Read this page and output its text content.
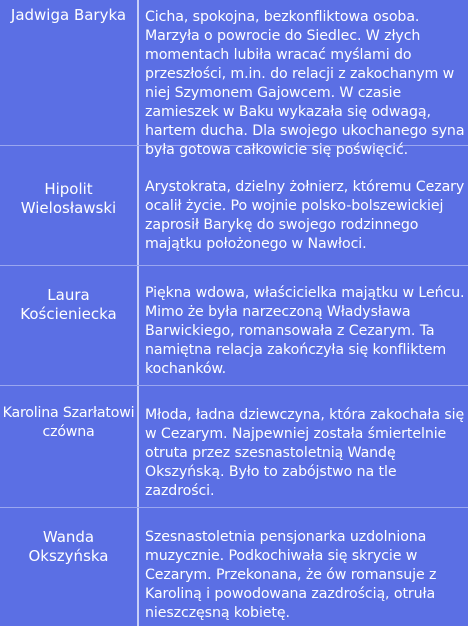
Jadwiga Baryka	Cicha, spokojna, bezkonfliktowa osoba. Marzyła o powrocie do Siedlec. W złych momentach lubiła wracać myślami do przeszłości, m.in. do relacji z zakochanym w niej Szymonem Gajowcem. W czasie zamieszek w Baku wykazała się odwagą, hartem ducha. Dla swojego ukochanego syna była gotowa całkowicie się poświęcić.
Hipolit Wielosławski
Arystokrata, dzielny żołnierz, któremu Cezary ocalił życie. Po wojnie polsko-bolszewickiej zaprosił Barykę do swojego rodzinnego majątku położonego w Nawłoci.
Laura Kościeniecka
Piękna wdowa, właścicielka majątku w Leńcu. Mimo że była narzeczoną Władysława Barwickiego, romansowała z Cezarym. Ta namiętna relacja zakończyła się konfliktem kochanków.
Karolina Szarłatowiczówna
Młoda, ładna dziewczyna, która zakochała się w Cezarym. Najpewniej została śmiertelnie otruta przez szesnastoletnią Wandę Okszyńską. Było to zabójstwo na tle zazdrości.
Wanda Okszyńska
Szesnastoletnia pensjonarka uzdolniona muzycznie. Podkochiwała się skrycie w Cezarym. Przekonana, że ów romansuje z Karoliną i powodowana zazdrością, otruła nieszczęsną kobietę.
